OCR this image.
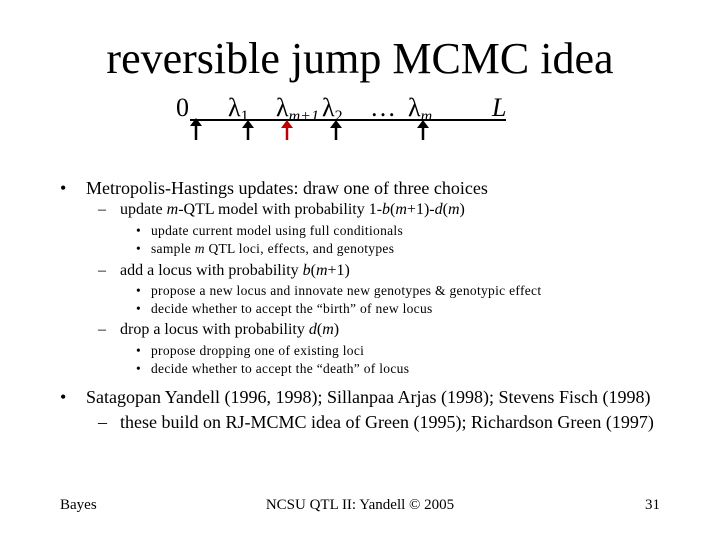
reversible jump MCMC idea
0 $\lambda_1$ $\lambda_{m+1}$ $\lambda_2$ … $\lambda_m$ L
• Metropolis-Hastings updates: draw one of three choices
– update m-QTL model with probability 1-b(m+1)-d(m)
• update current model using full conditionals
• sample m QTL loci, effects, and genotypes
– add a locus with probability b(m+1)
• propose a new locus and innovate new genotypes & genotypic effect
• decide whether to accept the “birth” of new locus
– drop a locus with probability d(m)
• propose dropping one of existing loci
• decide whether to accept the “death” of locus
• Satagopan Yandell (1996, 1998); Sillanpaa Arjas (1998); Stevens Fisch (1998)
– these build on RJ-MCMC idea of Green (1995); Richardson Green (1997)
Bayes	NCSU QTL II: Yandell © 2005	31
